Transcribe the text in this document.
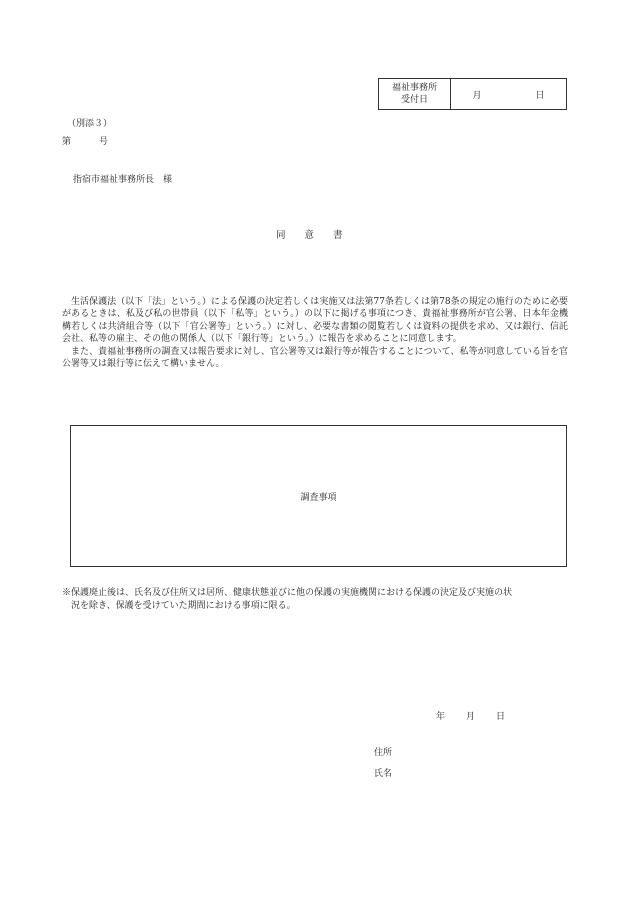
福祉事務所
受付日	月	日
（別添３）
第	号
指宿市福祉事務所長　様
同　　意　　書

生活保護法（以下「法」という。）による保護の決定若しくは実施又は法第77条若しくは第78条の規定の施行のために必要があるときは、私及び私の世帯員（以下「私等」という。）の以下に掲げる事項につき、貴福祉事務所が官公署、日本年金機構若しくは共済組合等（以下「官公署等」という。）に対し、必要な書類の閲覧若しくは資料の提供を求め、又は銀行、信託会社、私等の雇主、その他の関係人（以下「銀行等」という。）に報告を求めることに同意します。

また、貴福祉事務所の調査又は報告要求に対し、官公署等又は銀行等が報告することについて、私等が同意している旨を官公署等又は銀行等に伝えて構いません。

調査事項
※保護廃止後は、氏名及び住所又は居所、健康状態並びに他の保護の実施機関における保護の決定及び実施の状
況を除き、保護を受けていた期間における事項に限る。
年 月 日
住所
氏名
